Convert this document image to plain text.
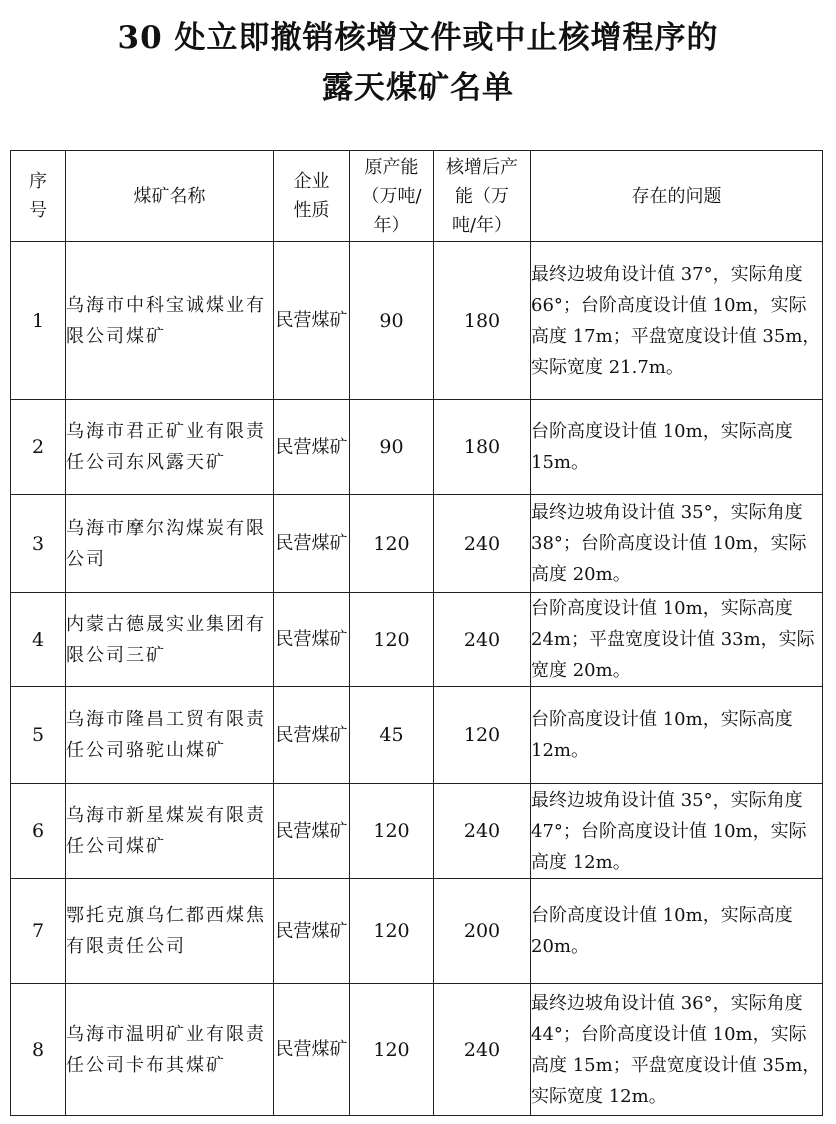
30 处立即撤销核增文件或中止核增程序的
露天煤矿名单
序号	煤矿名称	企业性质	原产能（万吨/年）	核增后产能（万吨/年）	存在的问题
1	乌海市中科宝诚煤业有限公司煤矿	民营煤矿	90	180	最终边坡角设计值 37°，实际角度 66°；台阶高度设计值 10m，实际高度 17m；平盘宽度设计值 35m，实际宽度 21.7m。
2	乌海市君正矿业有限责任公司东风露天矿	民营煤矿	90	180	台阶高度设计值 10m，实际高度 15m。
3	乌海市摩尔沟煤炭有限公司	民营煤矿	120	240	最终边坡角设计值 35°，实际角度 38°；台阶高度设计值 10m，实际高度 20m。
4	内蒙古德晟实业集团有限公司三矿	民营煤矿	120	240	台阶高度设计值 10m，实际高度 24m；平盘宽度设计值 33m，实际宽度 20m。
5	乌海市隆昌工贸有限责任公司骆驼山煤矿	民营煤矿	45	120	台阶高度设计值 10m，实际高度 12m。
6	乌海市新星煤炭有限责任公司煤矿	民营煤矿	120	240	最终边坡角设计值 35°，实际角度 47°；台阶高度设计值 10m，实际高度 12m。
7	鄂托克旗乌仁都西煤焦有限责任公司	民营煤矿	120	200	台阶高度设计值 10m，实际高度 20m。
8	乌海市温明矿业有限责任公司卡布其煤矿	民营煤矿	120	240	最终边坡角设计值 36°，实际角度 44°；台阶高度设计值 10m，实际高度 15m；平盘宽度设计值 35m，实际宽度 12m。
